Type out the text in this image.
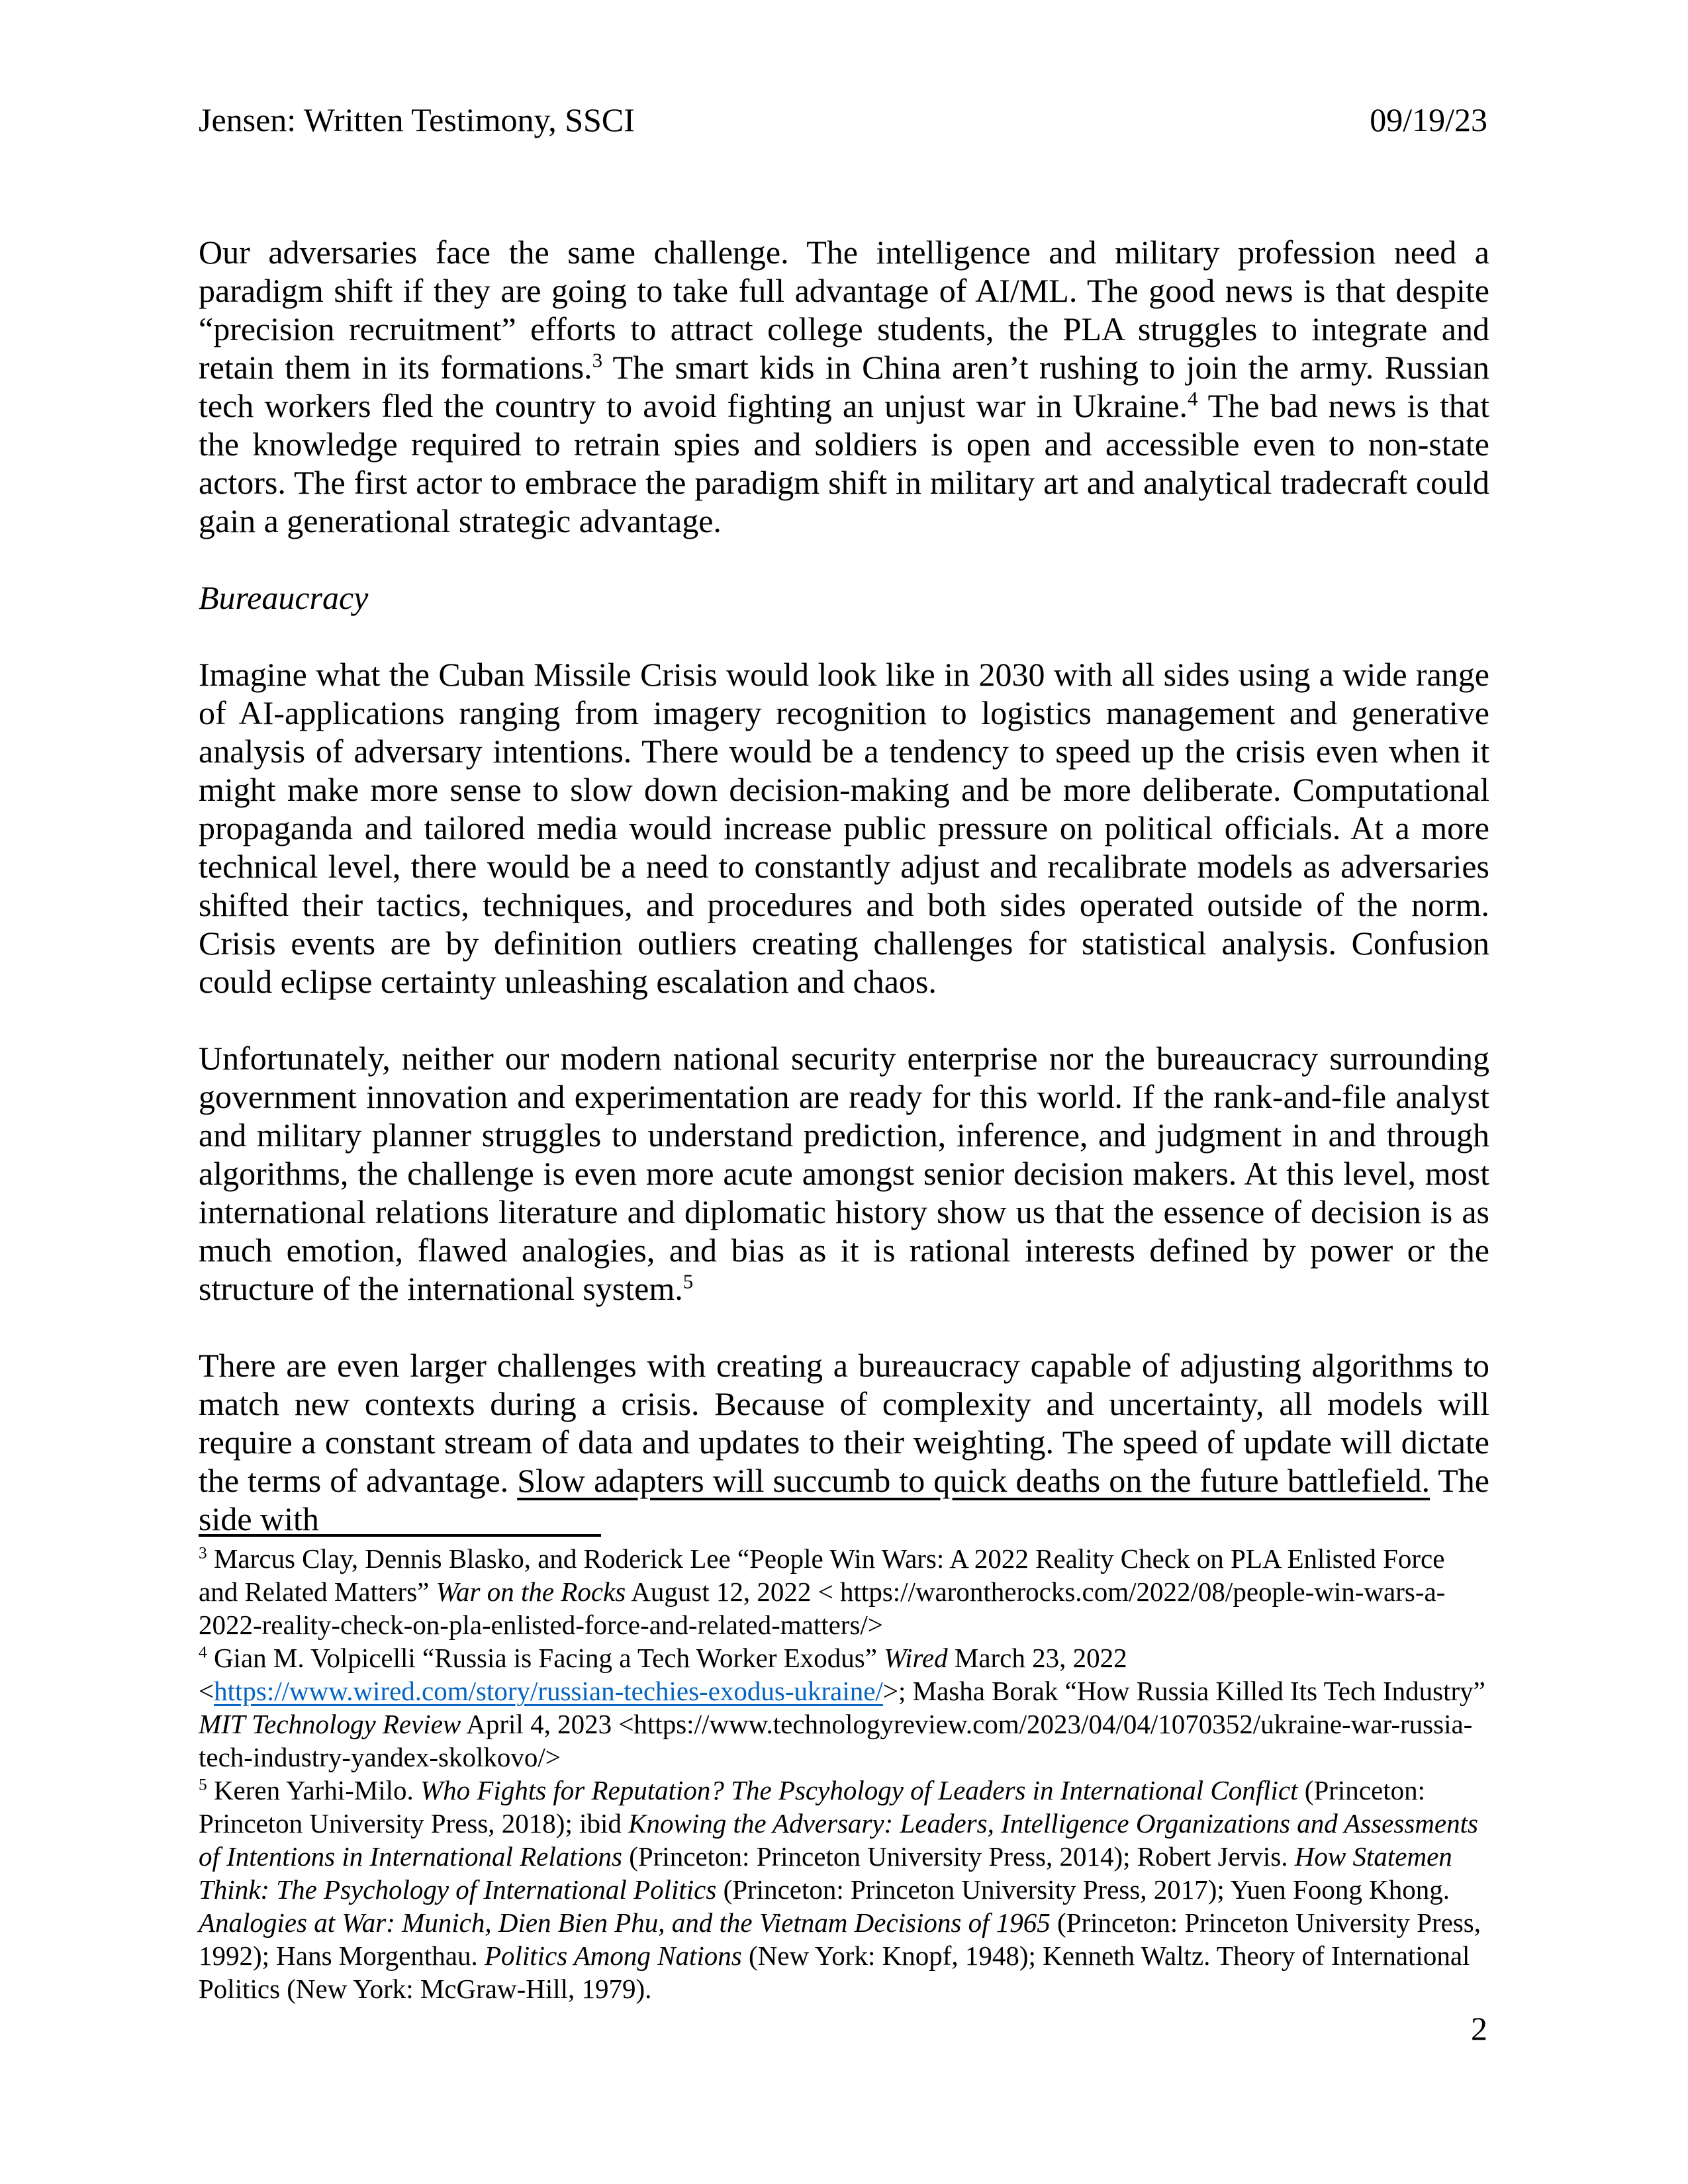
Jensen: Written Testimony, SSCI	09/19/23

Our adversaries face the same challenge. The intelligence and military profession need a paradigm shift if they are going to take full advantage of AI/ML. The good news is that despite “precision recruitment” efforts to attract college students, the PLA struggles to integrate and retain them in its formations.$^3$ The smart kids in China aren’t rushing to join the army. Russian tech workers fled the country to avoid fighting an unjust war in Ukraine.$^4$ The bad news is that the knowledge required to retrain spies and soldiers is open and accessible even to non-state actors. The first actor to embrace the paradigm shift in military art and analytical tradecraft could gain a generational strategic advantage.

Bureaucracy

Imagine what the Cuban Missile Crisis would look like in 2030 with all sides using a wide range of AI-applications ranging from imagery recognition to logistics management and generative analysis of adversary intentions. There would be a tendency to speed up the crisis even when it might make more sense to slow down decision-making and be more deliberate. Computational propaganda and tailored media would increase public pressure on political officials. At a more technical level, there would be a need to constantly adjust and recalibrate models as adversaries shifted their tactics, techniques, and procedures and both sides operated outside of the norm. Crisis events are by definition outliers creating challenges for statistical analysis. Confusion could eclipse certainty unleashing escalation and chaos.

Unfortunately, neither our modern national security enterprise nor the bureaucracy surrounding government innovation and experimentation are ready for this world. If the rank-and-file analyst and military planner struggles to understand prediction, inference, and judgment in and through algorithms, the challenge is even more acute amongst senior decision makers. At this level, most international relations literature and diplomatic history show us that the essence of decision is as much emotion, flawed analogies, and bias as it is rational interests defined by power or the structure of the international system.$^5$

There are even larger challenges with creating a bureaucracy capable of adjusting algorithms to match new contexts during a crisis. Because of complexity and uncertainty, all models will require a constant stream of data and updates to their weighting. The speed of update will dictate the terms of advantage. Slow adapters will succumb to quick deaths on the future battlefield. The side with

$^3$ Marcus Clay, Dennis Blasko, and Roderick Lee “People Win Wars: A 2022 Reality Check on PLA Enlisted Force and Related Matters” War on the Rocks August 12, 2022 < https://warontherocks.com/2022/08/people-win-wars-a-2022-reality-check-on-pla-enlisted-force-and-related-matters/>

$^4$ Gian M. Volpicelli “Russia is Facing a Tech Worker Exodus” Wired March 23, 2022 <https://www.wired.com/story/russian-techies-exodus-ukraine/>; Masha Borak “How Russia Killed Its Tech Industry” MIT Technology Review April 4, 2023 <https://www.technologyreview.com/2023/04/04/1070352/ukraine-war-russia-tech-industry-yandex-skolkovo/>

$^5$ Keren Yarhi-Milo. Who Fights for Reputation? The Pscyhology of Leaders in International Conflict (Princeton: Princeton University Press, 2018); ibid Knowing the Adversary: Leaders, Intelligence Organizations and Assessments of Intentions in International Relations (Princeton: Princeton University Press, 2014); Robert Jervis. How Statemen Think: The Psychology of International Politics (Princeton: Princeton University Press, 2017); Yuen Foong Khong. Analogies at War: Munich, Dien Bien Phu, and the Vietnam Decisions of 1965 (Princeton: Princeton University Press, 1992); Hans Morgenthau. Politics Among Nations (New York: Knopf, 1948); Kenneth Waltz. Theory of International Politics (New York: McGraw-Hill, 1979).

2
